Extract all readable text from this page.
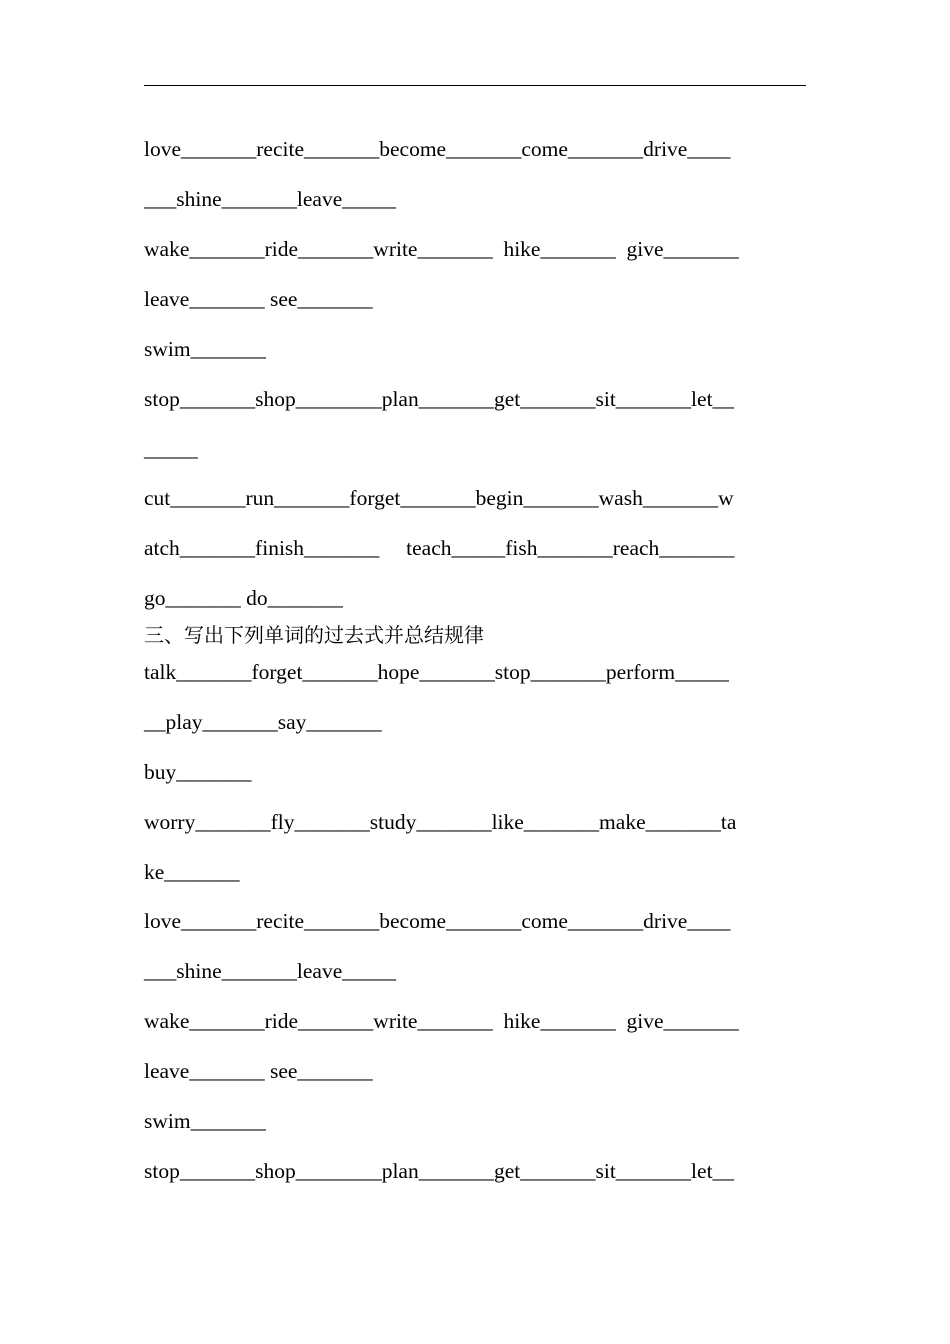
love_______recite_______become_______come_______drive____

___shine_______leave_____

wake_______ride_______write_______  hike_______  give_______

leave_______ see_______

swim_______

stop_______shop________plan_______get_______sit_______let__

_____

cut_______run_______forget_______begin_______wash_______w

atch_______finish_______     teach_____fish_______reach_______

go_______ do_______

三、写出下列单词的过去式并总结规律

talk_______forget_______hope_______stop_______perform_____

__play_______say_______

buy_______

worry_______fly_______study_______like_______make_______ta

ke_______

love_______recite_______become_______come_______drive____

___shine_______leave_____

wake_______ride_______write_______  hike_______  give_______

leave_______ see_______

swim_______

stop_______shop________plan_______get_______sit_______let__
